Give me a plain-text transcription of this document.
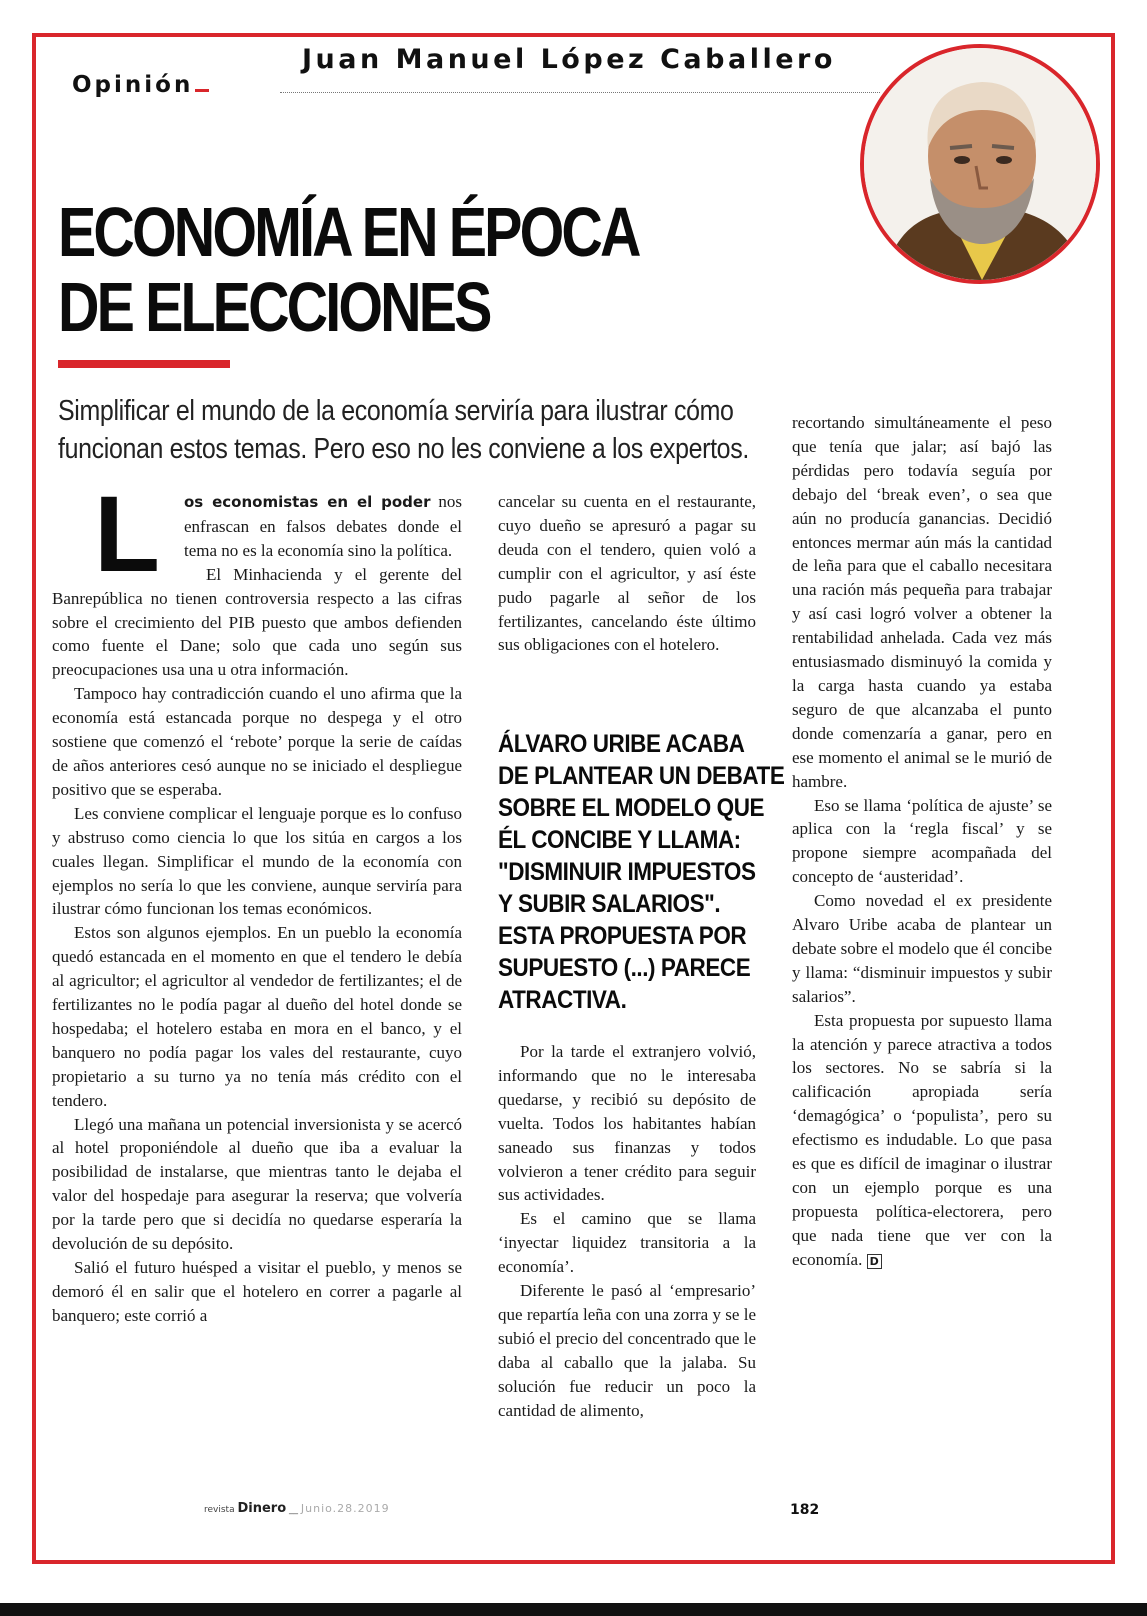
Opinión
Juan Manuel López Caballero
ECONOMÍA EN ÉPOCA
DE ELECCIONES
Simplificar el mundo de la economía serviría para ilustrar cómo
funcionan estos temas. Pero eso no les conviene a los expertos.

L os economistas en el poder nos enfrascan en falsos debates donde el tema no es la economía sino la política.

El Minhacienda y el gerente del Banrepública no tienen controversia respecto a las cifras sobre el crecimiento del PIB puesto que ambos defienden como fuente el Dane; solo que cada uno según sus preocupaciones usa una u otra información.

Tampoco hay contradicción cuando el uno afirma que la economía está estancada porque no despega y el otro sostiene que comenzó el ‘rebote’ porque la serie de caídas de años anteriores cesó aunque no se iniciado el despliegue positivo que se esperaba.

Les conviene complicar el lenguaje porque es lo confuso y abstruso como ciencia lo que los sitúa en cargos a los cuales llegan. Simplificar el mundo de la economía con ejemplos no sería lo que les conviene, aunque serviría para ilustrar cómo funcionan los temas económicos.

Estos son algunos ejemplos. En un pueblo la economía quedó estancada en el momento en que el tendero le debía al agricultor; el agricultor al vendedor de fertilizantes; el de fertilizantes no le podía pagar al dueño del hotel donde se hospedaba; el hotelero estaba en mora en el banco, y el banquero no podía pagar los vales del restaurante, cuyo propietario a su turno ya no tenía más crédito con el tendero.

Llegó una mañana un potencial inversionista y se acercó al hotel proponiéndole al dueño que iba a evaluar la posibilidad de instalarse, que mientras tanto le dejaba el valor del hospedaje para asegurar la reserva; que volvería por la tarde pero que si decidía no quedarse esperaría la devolución de su depósito.

Salió el futuro huésped a visitar el pueblo, y menos se demoró él en salir que el hotelero en correr a pagarle al banquero; este corrió a

cancelar su cuenta en el restaurante, cuyo dueño se apresuró a pagar su deuda con el tendero, quien voló a cumplir con el agricultor, y así éste pudo pagarle al señor de los fertilizantes, cancelando éste último sus obligaciones con el hotelero.

ÁLVARO URIBE ACABA
DE PLANTEAR UN DEBATE
SOBRE EL MODELO QUE
ÉL CONCIBE Y LLAMA:
"DISMINUIR IMPUESTOS
Y SUBIR SALARIOS".
ESTA PROPUESTA POR
SUPUESTO (...) PARECE
ATRACTIVA.

Por la tarde el extranjero volvió, informando que no le interesaba quedarse, y recibió su depósito de vuelta. Todos los habitantes habían saneado sus finanzas y todos volvieron a tener crédito para seguir sus actividades.

Es el camino que se llama ‘inyectar liquidez transitoria a la economía’.

Diferente le pasó al ‘empresario’ que repartía leña con una zorra y se le subió el precio del concentrado que le daba al caballo que la jalaba. Su solución fue reducir un poco la cantidad de alimento,

recortando simultáneamente el peso que tenía que jalar; así bajó las pérdidas pero todavía seguía por debajo del ‘break even’, o sea que aún no producía ganancias. Decidió entonces mermar aún más la cantidad de leña para que el caballo necesitara una ración más pequeña para trabajar y así casi logró volver a obtener la rentabilidad anhelada. Cada vez más entusiasmado disminuyó la comida y la carga hasta cuando ya estaba seguro de que alcanzaba el punto donde comenzaría a ganar, pero en ese momento el animal se le murió de hambre.

Eso se llama ‘política de ajuste’ se aplica con la ‘regla fiscal’ y se propone siempre acompañada del concepto de ‘austeridad’.

Como novedad el ex presidente Alvaro Uribe acaba de plantear un debate sobre el modelo que él concibe y llama: “disminuir impuestos y subir salarios”.

Esta propuesta por supuesto llama la atención y parece atractiva a todos los sectores. No se sabría si la calificación apropiada sería ‘demagógica’ o ‘populista’, pero su efectismo es indudable. Lo que pasa es que es difícil de imaginar o ilustrar con un ejemplo porque es una propuesta política-electorera, pero que nada tiene que ver con la economía. D

revista Dinero __ Junio.28.2019	182
